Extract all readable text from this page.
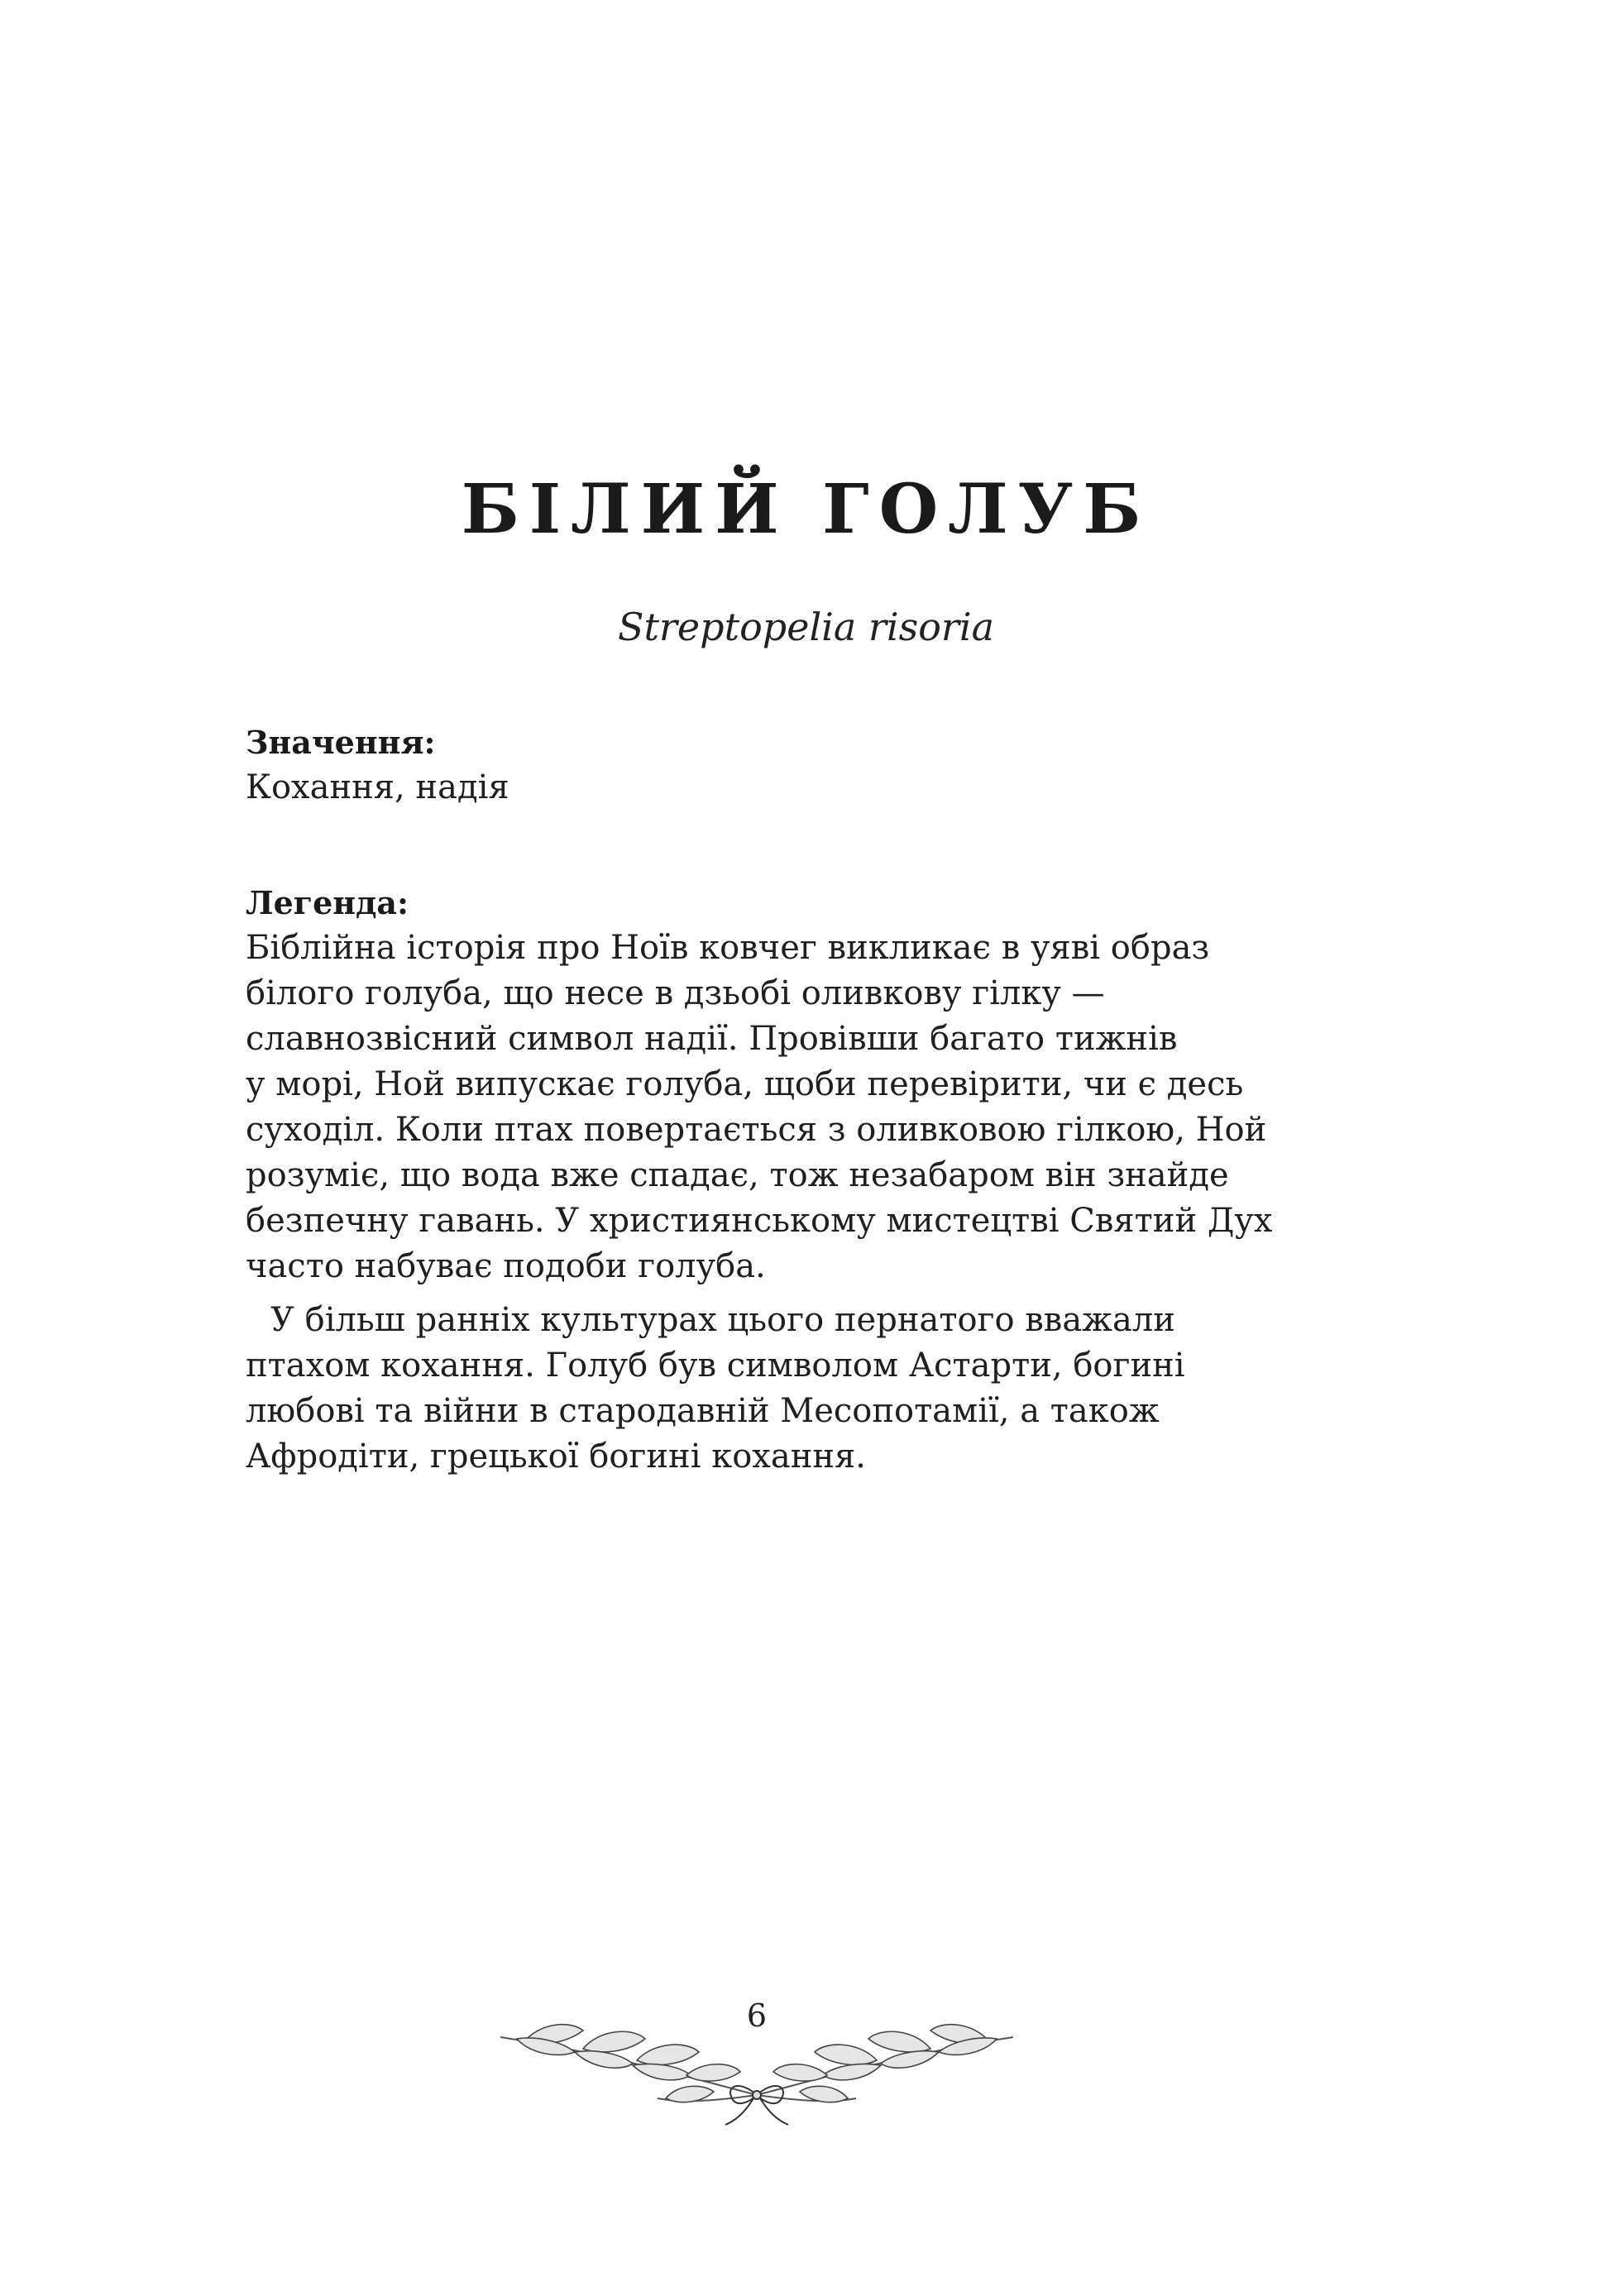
БІЛИЙ ГОЛУБ
Streptopelia risoria

Значення:

Кохання, надія

Легенда:

Біблійна історія про Ноїв ковчег викликає в уяві образ
білого голуба, що несе в дзьобі оливкову гілку —
славнозвісний символ надії. Провівши багато тижнів
у морі, Ной випускає голуба, щоби перевірити, чи є десь
суходіл. Коли птах повертається з оливковою гілкою, Ной
розуміє, що вода вже спадає, тож незабаром він знайде
безпечну гавань. У християнському мистецтві Святий Дух
часто набуває подоби голуба.

У більш ранніх культурах цього пернатого вважали
птахом кохання. Голуб був символом Астарти, богині
любові та війни в стародавній Месопотамії, а також
Афродіти, грецької богині кохання.

6
